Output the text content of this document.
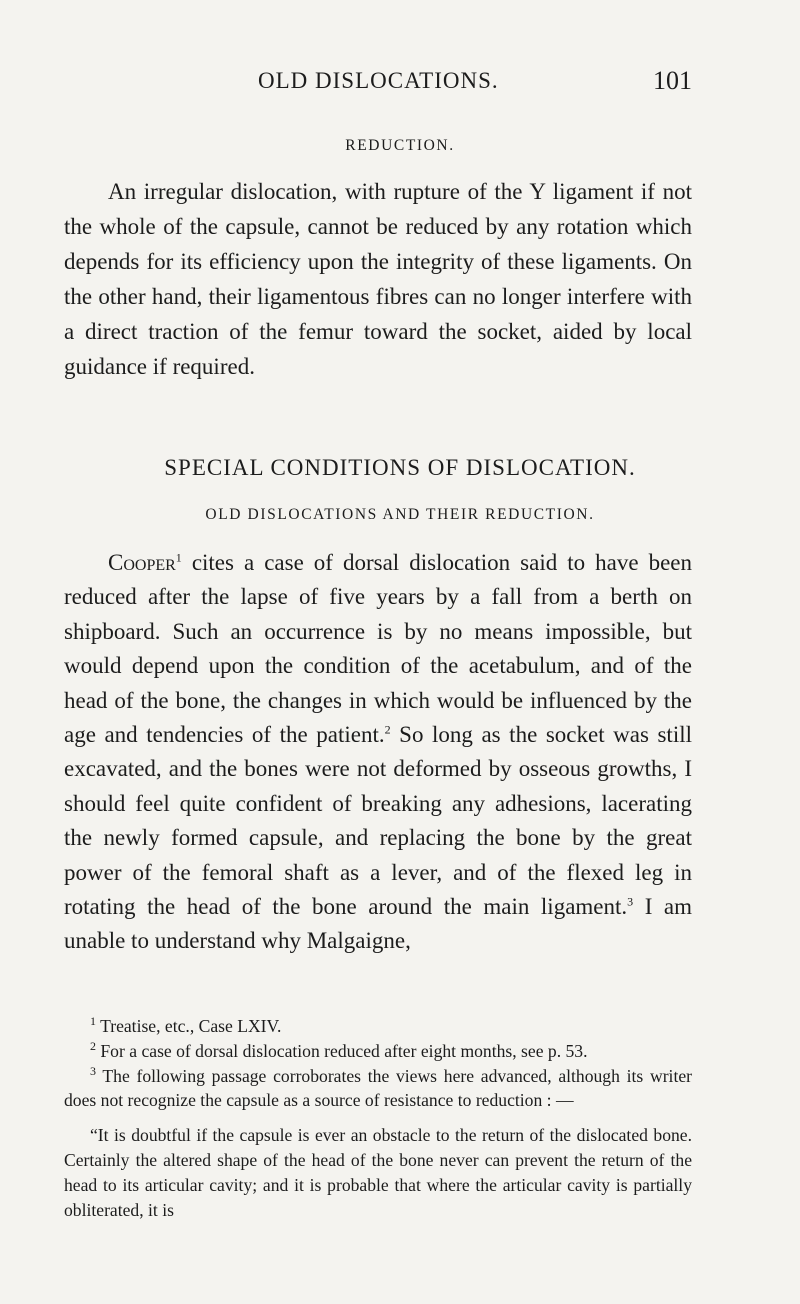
OLD DISLOCATIONS.	101
REDUCTION.

An irregular dislocation, with rupture of the Y ligament if not the whole of the capsule, cannot be reduced by any rotation which depends for its efficiency upon the integrity of these ligaments. On the other hand, their ligamentous fibres can no longer interfere with a direct traction of the femur toward the socket, aided by local guidance if required.

SPECIAL CONDITIONS OF DISLOCATION.
OLD DISLOCATIONS AND THEIR REDUCTION.

Cooper$^1$ cites a case of dorsal dislocation said to have been reduced after the lapse of five years by a fall from a berth on shipboard. Such an occurrence is by no means impossible, but would depend upon the condition of the acetabulum, and of the head of the bone, the changes in which would be influenced by the age and tendencies of the patient.$^2$ So long as the socket was still excavated, and the bones were not deformed by osseous growths, I should feel quite confident of breaking any adhesions, lacerating the newly formed capsule, and replacing the bone by the great power of the femoral shaft as a lever, and of the flexed leg in rotating the head of the bone around the main ligament.$^3$ I am unable to understand why Malgaigne,

$^1$ Treatise, etc., Case LXIV.

$^2$ For a case of dorsal dislocation reduced after eight months, see p. 53.

$^3$ The following passage corroborates the views here advanced, although its writer does not recognize the capsule as a source of resistance to reduction : —

“It is doubtful if the capsule is ever an obstacle to the return of the dislocated bone. Certainly the altered shape of the head of the bone never can prevent the return of the head to its articular cavity; and it is probable that where the articular cavity is partially obliterated, it is
